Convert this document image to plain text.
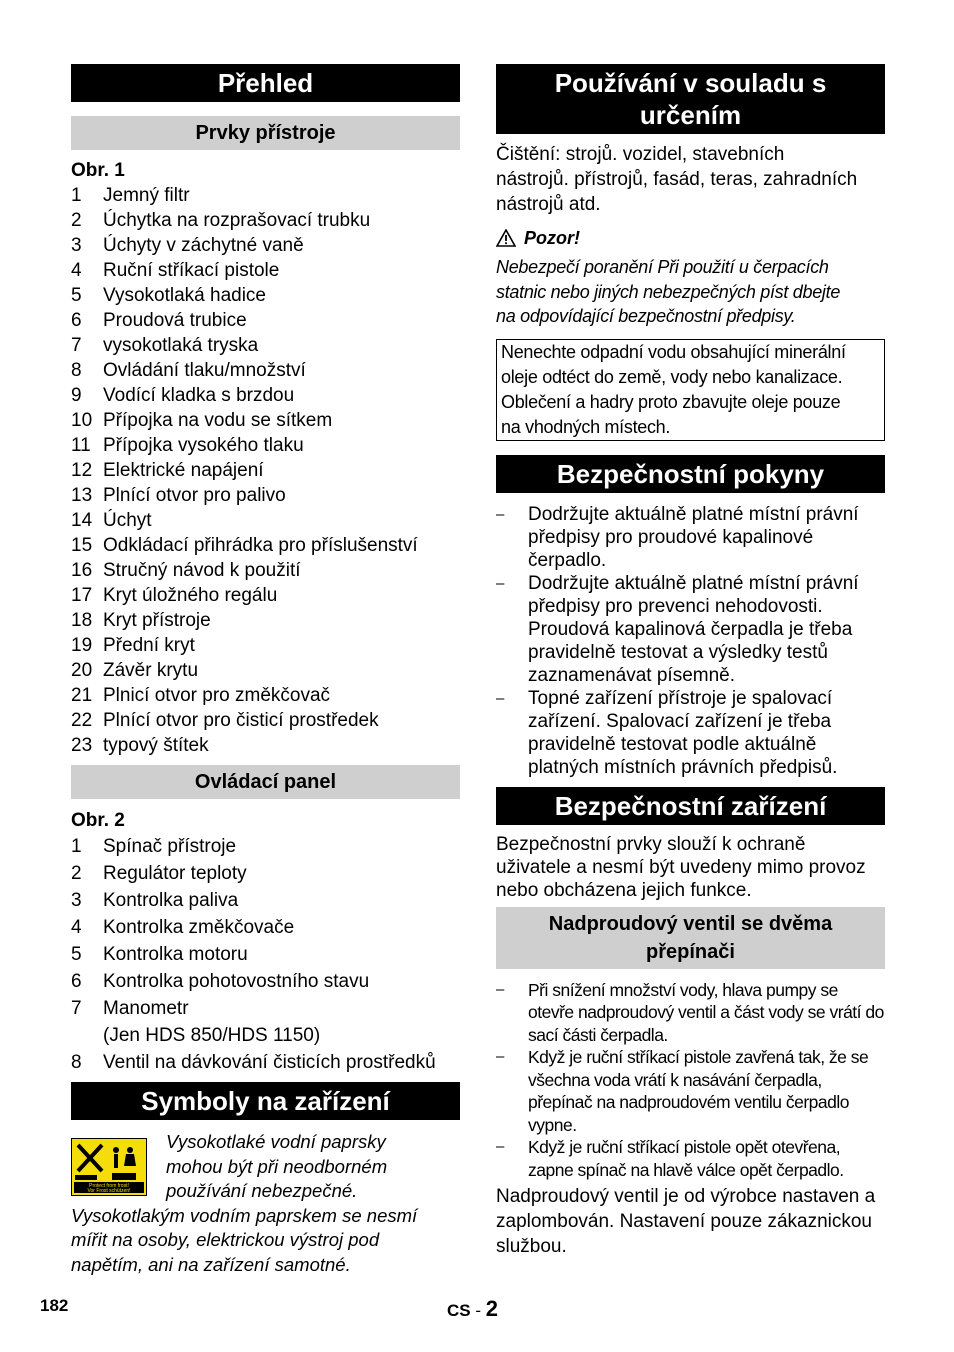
Přehled
Prvky přístroje
Obr. 1
1	Jemný filtr
2	Úchytka na rozprašovací trubku
3	Úchyty v záchytné vaně
4	Ruční stříkací pistole
5	Vysokotlaká hadice
6	Proudová trubice
7	vysokotlaká tryska
8	Ovládání tlaku/množství
9	Vodící kladka s brzdou
10 Přípojka na vodu se sítkem
11 Přípojka vysokého tlaku
12 Elektrické napájení
13 Plnící otvor pro palivo
14 Úchyt
15 Odkládací přihrádka pro příslušenství
16 Stručný návod k použití
17 Kryt úložného regálu
18 Kryt přístroje
19 Přední kryt
20 Závěr krytu
21 Plnicí otvor pro změkčovač
22 Plnící otvor pro čisticí prostředek
23 typový štítek
Ovládací panel
Obr. 2
1	Spínač přístroje
2	Regulátor teploty
3	Kontrolka paliva
4	Kontrolka změkčovače
5	Kontrolka motoru
6	Kontrolka pohotovostního stavu
7	Manometr
(Jen HDS 850/HDS 1150)
8	Ventil na dávkování čisticích prostředků
Symboly na zařízení
Protect from frost!
Vor Frost schützen!

Vysokotlaké vodní paprsky

mohou být při neodborném

používání nebezpečné.

Vysokotlakým vodním paprskem se nesmí

mířit na osoby, elektrickou výstroj pod

napětím, ani na zařízení samotné.

Používání v souladu s
určením

Čištění: strojů. vozidel, stavebních

nástrojů. přístrojů, fasád, teras, zahradních

nástrojů atd.

Pozor!

Nebezpečí poranění Při použití u čerpacích

statnic nebo jiných nebezpečných píst dbejte

na odpovídající bezpečnostní předpisy.

Nenechte odpadní vodu obsahující minerální
oleje odtéct do země, vody nebo kanalizace.
Oblečení a hadry proto zbavujte oleje pouze
na vhodných místech.
Bezpečnostní pokyny
–	Dodržujte aktuálně platné místní právní předpisy pro proudové kapalinové čerpadlo.
–	Dodržujte aktuálně platné místní právní předpisy pro prevenci nehodovosti. Proudová kapalinová čerpadla je třeba pravidelně testovat a výsledky testů zaznamenávat písemně.
–	Topné zařízení přístroje je spalovací zařízení. Spalovací zařízení je třeba pravidelně testovat podle aktuálně platných místních právních předpisů.
Bezpečnostní zařízení

Bezpečnostní prvky slouží k ochraně uživatele a nesmí být uvedeny mimo provoz nebo obcházena jejich funkce.

Nadproudový ventil se dvěma
přepínači
–	Při snížení množství vody, hlava pumpy se otevře nadproudový ventil a část vody se vrátí do sací části čerpadla.
–	Když je ruční stříkací pistole zavřená tak, že se všechna voda vrátí k nasávání čerpadla, přepínač na nadproudovém ventilu čerpadlo vypne.
–	Když je ruční stříkací pistole opět otevřena, zapne spínač na hlavě válce opět čerpadlo.

Nadproudový ventil je od výrobce nastaven a zaplombován. Nastavení pouze zákaznickou službou.

182	CS - 2
